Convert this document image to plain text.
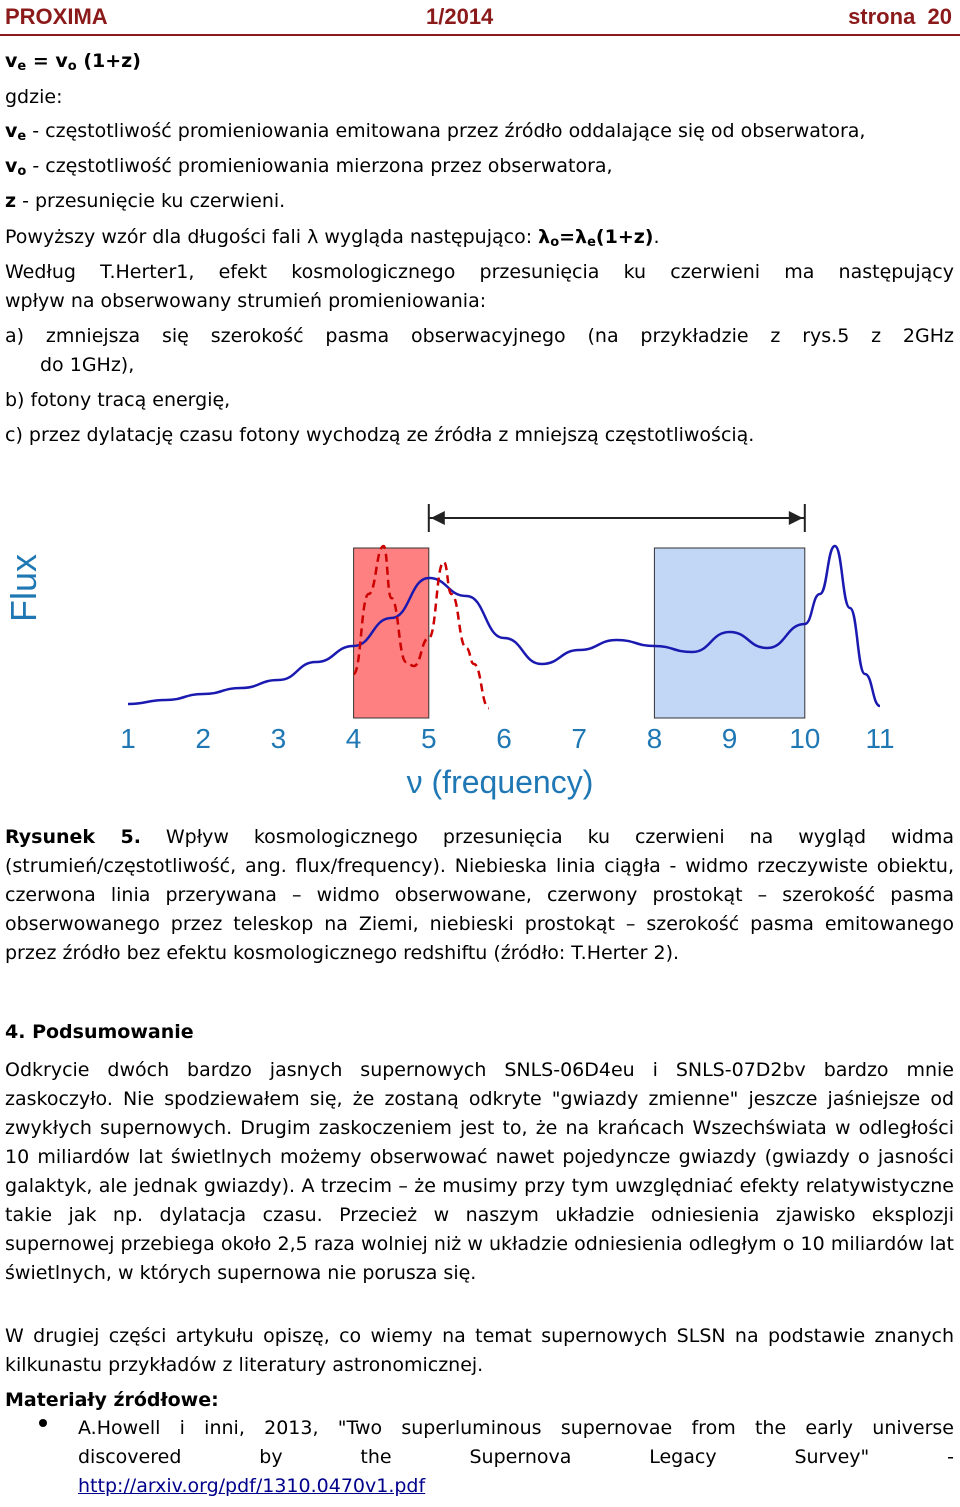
PROXIMA	1/2014	strona  20
$v_e = v_o$ (1+z)
gdzie:
$v_e$ - częstotliwość promieniowania emitowana przez źródło oddalające się od obserwatora,
$v_o$ - częstotliwość promieniowania mierzona przez obserwatora,
z - przesunięcie ku czerwieni.
Powyższy wzór dla długości fali λ wygląda następująco: $\lambda_o=\lambda_e(1+z)$.
Według T.Herter1, efekt kosmologicznego przesunięcia ku czerwieni ma następujący
wpływ na obserwowany strumień promieniowania:
a) zmniejsza się szerokość pasma obserwacyjnego (na przykładzie z rys.5 z 2GHz
do 1GHz),
b) fotony tracą energię,
c) przez dylatację czasu fotony wychodzą ze źródła z mniejszą częstotliwością.
1 2 3 4 5 6 7 8 9 10 11
Flux
ν (frequency)
Rysunek 5. Wpływ kosmologicznego przesunięcia ku czerwieni na wygląd widma (strumień/częstotliwość, ang. flux/frequency). Niebieska linia ciągła - widmo rzeczywiste obiektu, czerwona linia przerywana – widmo obserwowane, czerwony prostokąt – szerokość pasma obserwowanego przez teleskop na Ziemi, niebieski prostokąt – szerokość pasma emitowanego przez źródło bez efektu kosmologicznego redshiftu (źródło: T.Herter 2).
4. Podsumowanie
Odkrycie dwóch bardzo jasnych supernowych SNLS-06D4eu i SNLS-07D2bv bardzo mnie zaskoczyło. Nie spodziewałem się, że zostaną odkryte "gwiazdy zmienne" jeszcze jaśniejsze od zwykłych supernowych. Drugim zaskoczeniem jest to, że na krańcach Wszechświata w odległości 10 miliardów lat świetlnych możemy obserwować nawet pojedyncze gwiazdy (gwiazdy o jasności galaktyk, ale jednak gwiazdy). A trzecim – że musimy przy tym uwzględniać efekty relatywistyczne takie jak np. dylatacja czasu. Przecież w naszym układzie odniesienia zjawisko eksplozji supernowej przebiega około 2,5 raza wolniej niż w układzie odniesienia odległym o 10 miliardów lat świetlnych, w których supernowa nie porusza się.
W drugiej części artykułu opiszę, co wiemy na temat supernowych SLSN na podstawie znanych kilkunastu przykładów z literatury astronomicznej.
Materiały źródłowe:
A.Howell i inni, 2013, "Two superluminous supernovae from the early universe
discovered by the Supernova Legacy Survey" -
http://arxiv.org/pdf/1310.0470v1.pdf
